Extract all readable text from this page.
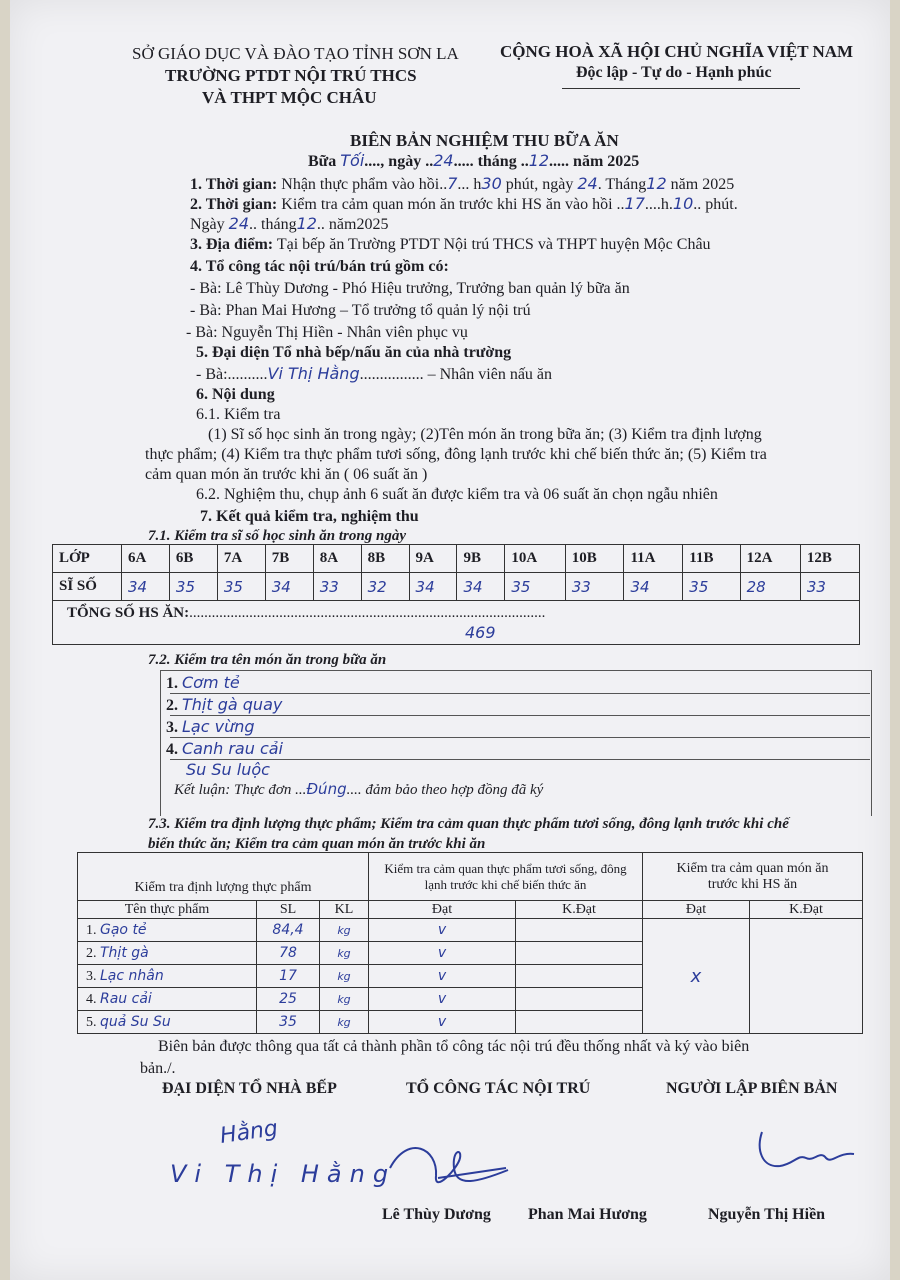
SỞ GIÁO DỤC VÀ ĐÀO TẠO TỈNH SƠN LA
TRƯỜNG PTDT NỘI TRÚ THCS
VÀ THPT MỘC CHÂU
CỘNG HOÀ XÃ HỘI CHỦ NGHĨA VIỆT NAM
Độc lập - Tự do - Hạnh phúc
BIÊN BẢN NGHIỆM THU BỮA ĂN
Bữa Tối...., ngày ..24..... tháng ..12..... năm 2025
1. Thời gian: Nhận thực phẩm vào hồi..7... h30 phút, ngày 24. Tháng12 năm 2025
2. Thời gian: Kiểm tra cảm quan món ăn trước khi HS ăn vào hồi ..17....h.10.. phút.
Ngày 24.. tháng12.. năm2025
3. Địa điểm: Tại bếp ăn Trường PTDT Nội trú THCS và THPT huyện Mộc Châu
4. Tổ công tác nội trú/bán trú gồm có:
- Bà: Lê Thùy Dương - Phó Hiệu trưởng, Trưởng ban quản lý bữa ăn
- Bà: Phan Mai Hương – Tổ trưởng tổ quản lý nội trú
- Bà: Nguyễn Thị Hiền - Nhân viên phục vụ
5. Đại diện Tổ nhà bếp/nấu ăn của nhà trường
- Bà:..........Vi Thị Hằng................ – Nhân viên nấu ăn
6. Nội dung
6.1. Kiểm tra
(1) Sĩ số học sinh ăn trong ngày; (2)Tên món ăn trong bữa ăn; (3) Kiểm tra định lượng
thực phẩm; (4) Kiểm tra thực phẩm tươi sống, đông lạnh trước khi chế biến thức ăn; (5) Kiểm tra
cảm quan món ăn trước khi ăn ( 06 suất ăn )
6.2. Nghiệm thu, chụp ảnh 6 suất ăn được kiểm tra và 06 suất ăn chọn ngẫu nhiên
7. Kết quả kiểm tra, nghiệm thu
7.1. Kiểm tra sĩ số học sinh ăn trong ngày
LỚP	6A	6B	7A	7B	8A	8B	9A	9B	10A	10B	11A	11B	12A	12B
SĨ SỐ	34	35	35	34	33	32	34	34	35	33	34	35	28	33
TỔNG SỐ HS ĂN:...............................................................................................
469														
7.2. Kiểm tra tên món ăn trong bữa ăn
1. Cơm tẻ
2. Thịt gà quay
3. Lạc vừng
4. Canh rau cải
Su Su luộc
Kết luận: Thực đơn ...Đúng.... đảm bảo theo hợp đồng đã ký
7.3. Kiểm tra định lượng thực phẩm; Kiểm tra cảm quan thực phẩm tươi sống, đông lạnh trước khi chế
biến thức ăn; Kiểm tra cảm quan món ăn trước khi ăn
Kiểm tra định lượng thực phẩm			Kiểm tra cảm quan thực phẩm tươi sống, đông lạnh trước khi chế biến thức ăn		Kiểm tra cảm quan món ăn trước khi HS ăn	
Tên thực phẩm	SL	KL	Đạt	K.Đạt	Đạt	K.Đạt
1. Gạo tẻ	84,4	kg	v		x	
2. Thịt gà	78	kg	v			
3. Lạc nhân	17	kg	v			
4. Rau cải	25	kg	v			
5. quả Su Su	35	kg	v			
Biên bản được thông qua tất cả thành phần tổ công tác nội trú đều thống nhất và ký vào biên
bản./.
ĐẠI DIỆN TỔ NHÀ BẾP	TỔ CÔNG TÁC NỘI TRÚ	NGƯỜI LẬP BIÊN BẢN
Hằng
Vi Thị Hằng
Lê Thùy Dương Phan Mai Hương	Nguyễn Thị Hiền
